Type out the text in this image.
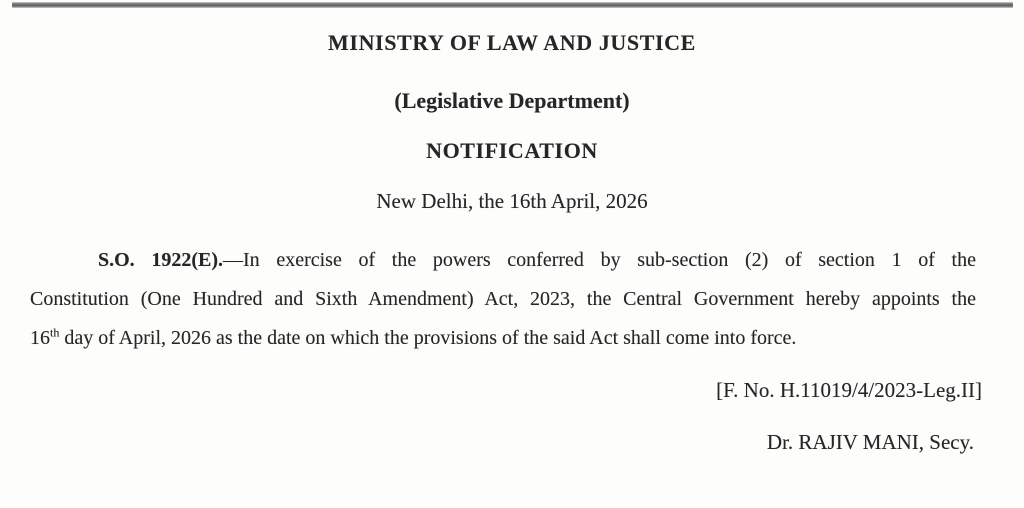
MINISTRY OF LAW AND JUSTICE
(Legislative Department)
NOTIFICATION
New Delhi, the 16th April, 2026
S.O. 1922(E).—In exercise of the powers conferred by sub-section (2) of section 1 of the
Constitution (One Hundred and Sixth Amendment) Act, 2023, the Central Government hereby appoints the
16th day of April, 2026 as the date on which the provisions of the said Act shall come into force.
[F. No. H.11019/4/2023-Leg.II]
Dr. RAJIV MANI, Secy.
